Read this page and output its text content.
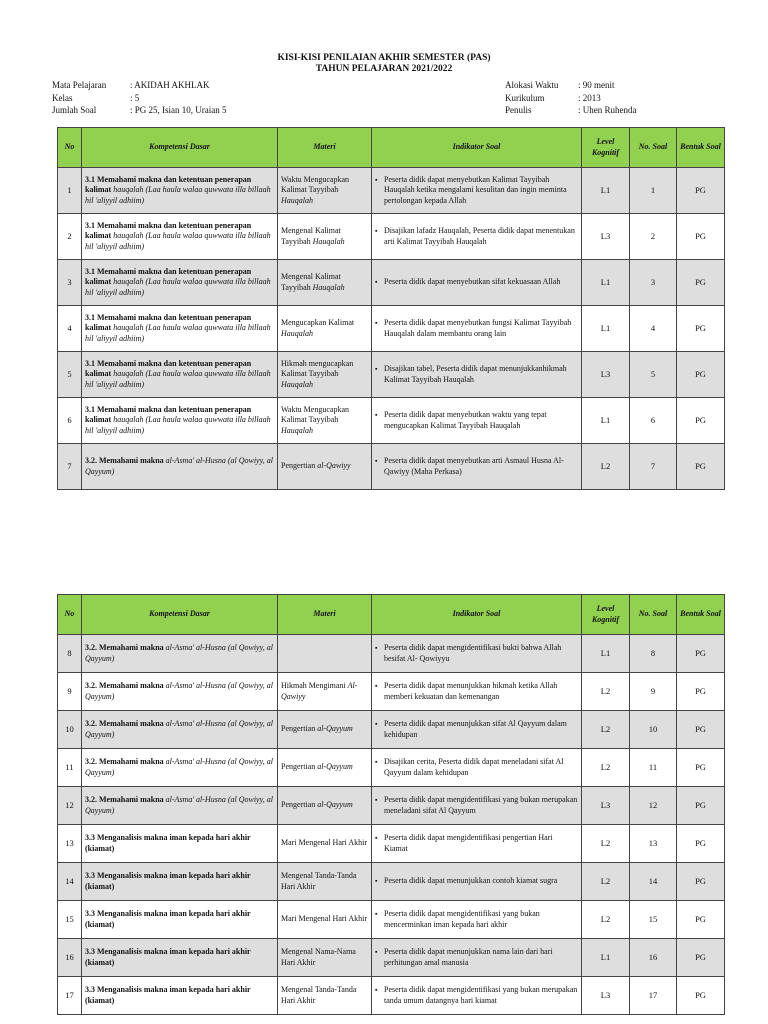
KISI-KISI PENILAIAN AKHIR SEMESTER (PAS)
TAHUN PELAJARAN 2021/2022
Mata Pelajaran	: AKIDAH AKHLAK
Kelas	: 5
Jumlah Soal	: PG 25, Isian 10, Uraian 5
Alokasi Waktu	: 90 menit
Kurikulum	: 2013
Penulis	: Uhen Ruhenda
No	Kompetensi Dasar	Materi	Indikator Soal	Level Kognitif	No. Soal	Bentuk Soal
1	3.1 Memahami makna dan ketentuan penerapan kalimat hauqalah (Laa haula walaa quwwata illa billaah hil 'aliyyil adhiim)	Waktu Mengucapkan Kalimat Tayyibah Hauqalah	▪ Peserta didik dapat menyebutkan Kalimat Tayyibah Hauqalah ketika mengalami kesulitan dan ingin meminta pertolongan kepada Allah	L1	1	PG
2	3.1 Memahami makna dan ketentuan penerapan kalimat hauqalah (Laa haula walaa quwwata illa billaah hil 'aliyyil adhiim)	Mengenal Kalimat Tayyibah Hauqalah	▪ Disajikan lafadz Hauqalah, Peserta didik dapat menentukan arti Kalimat Tayyibah Hauqalah	L3	2	PG
3	3.1 Memahami makna dan ketentuan penerapan kalimat hauqalah (Laa haula walaa quwwata illa billaah hil 'aliyyil adhiim)	Mengenal Kalimat Tayyibah Hauqalah	▪ Peserta didik dapat menyebutkan sifat kekuasaan Allah	L1	3	PG
4	3.1 Memahami makna dan ketentuan penerapan kalimat hauqalah (Laa haula walaa quwwata illa billaah hil 'aliyyil adhiim)	Mengucapkan Kalimat Hauqalah	▪ Peserta didik dapat menyebutkan fungsi Kalimat Tayyibah Hauqalah dalam membantu orang lain	L1	4	PG
5	3.1 Memahami makna dan ketentuan penerapan kalimat hauqalah (Laa haula walaa quwwata illa billaah hil 'aliyyil adhiim)	Hikmah mengucapkan Kalimat Tayyibah Hauqalah	▪ Disajikan tabel, Peserta didik dapat menunjukkanhikmah Kalimat Tayyibah Hauqalah	L3	5	PG
6	3.1 Memahami makna dan ketentuan penerapan kalimat hauqalah (Laa haula walaa quwwata illa billaah hil 'aliyyil adhiim)	Waktu Mengucapkan Kalimat Tayyibah Hauqalah	▪ Peserta didik dapat menyebutkan waktu yang tepat mengucapkan Kalimat Tayyibah Hauqalah	L1	6	PG
7	3.2. Memahami makna al-Asma' al-Husna (al Qowiyy, al Qayyum)	Pengertian al-Qawiyy	▪ Peserta didik dapat menyebutkan arti Asmaul Husna Al-Qawiyy (Maha Perkasa)	L2	7	PG
No	Kompetensi Dasar	Materi	Indikator Soal	Level Kognitif	No. Soal	Bentuk Soal
8	3.2. Memahami makna al-Asma' al-Husna (al Qowiyy, al Qayyum)		▪ Peserta didik dapat mengidentifikasi bukti bahwa Allah besifat Al- Qowiyyu	L1	8	PG
9	3.2. Memahami makna al-Asma' al-Husna (al Qowiyy, al Qayyum)	Hikmah Mengimani Al-Qawiyy	▪ Peserta didik dapat menunjukkan hikmah ketika Allah memberi kekuatan dan kemenangan	L2	9	PG
10	3.2. Memahami makna al-Asma' al-Husna (al Qowiyy, al Qayyum)	Pengertian al-Qayyum	▪ Peserta didik dapat menunjukkan sifat Al Qayyum dalam kehidupan	L2	10	PG
11	3.2. Memahami makna al-Asma' al-Husna (al Qowiyy, al Qayyum)	Pengertian al-Qayyum	▪ Disajikan cerita, Peserta didik dapat meneladani sifat Al Qayyum dalam kehidupan	L2	11	PG
12	3.2. Memahami makna al-Asma' al-Husna (al Qowiyy, al Qayyum)	Pengertian al-Qayyum	▪ Peserta didik dapat mengidentifikasi yang bukan merupakan meneladani sifat Al Qayyum	L3	12	PG
13	3.3 Menganalisis makna iman kepada hari akhir (kiamat)	Mari Mengenal Hari Akhir	▪ Peserta didik dapat mengidentifikasi pengertian Hari Kiamat	L2	13	PG
14	3.3 Menganalisis makna iman kepada hari akhir (kiamat)	Mengenal Tanda-Tanda Hari Akhir	▪ Peserta didik dapat menunjukkan contoh kiamat sugra	L2	14	PG
15	3.3 Menganalisis makna iman kepada hari akhir (kiamat)	Mari Mengenal Hari Akhir	▪ Peserta didik dapat mengidentifikasi yang bukan mencerminkan iman kepada hari akhir	L2	15	PG
16	3.3 Menganalisis makna iman kepada hari akhir (kiamat)	Mengenal Nama-Nama Hari Akhir	▪ Peserta didik dapat menunjukkan nama lain dari hari perhitungan amal manusia	L1	16	PG
17	3.3 Menganalisis makna iman kepada hari akhir (kiamat)	Mengenal Tanda-Tanda Hari Akhir	▪ Peserta didik dapat mengidentifikasi yang bukan merupakan tanda umum datangnya hari kiamat	L3	17	PG
